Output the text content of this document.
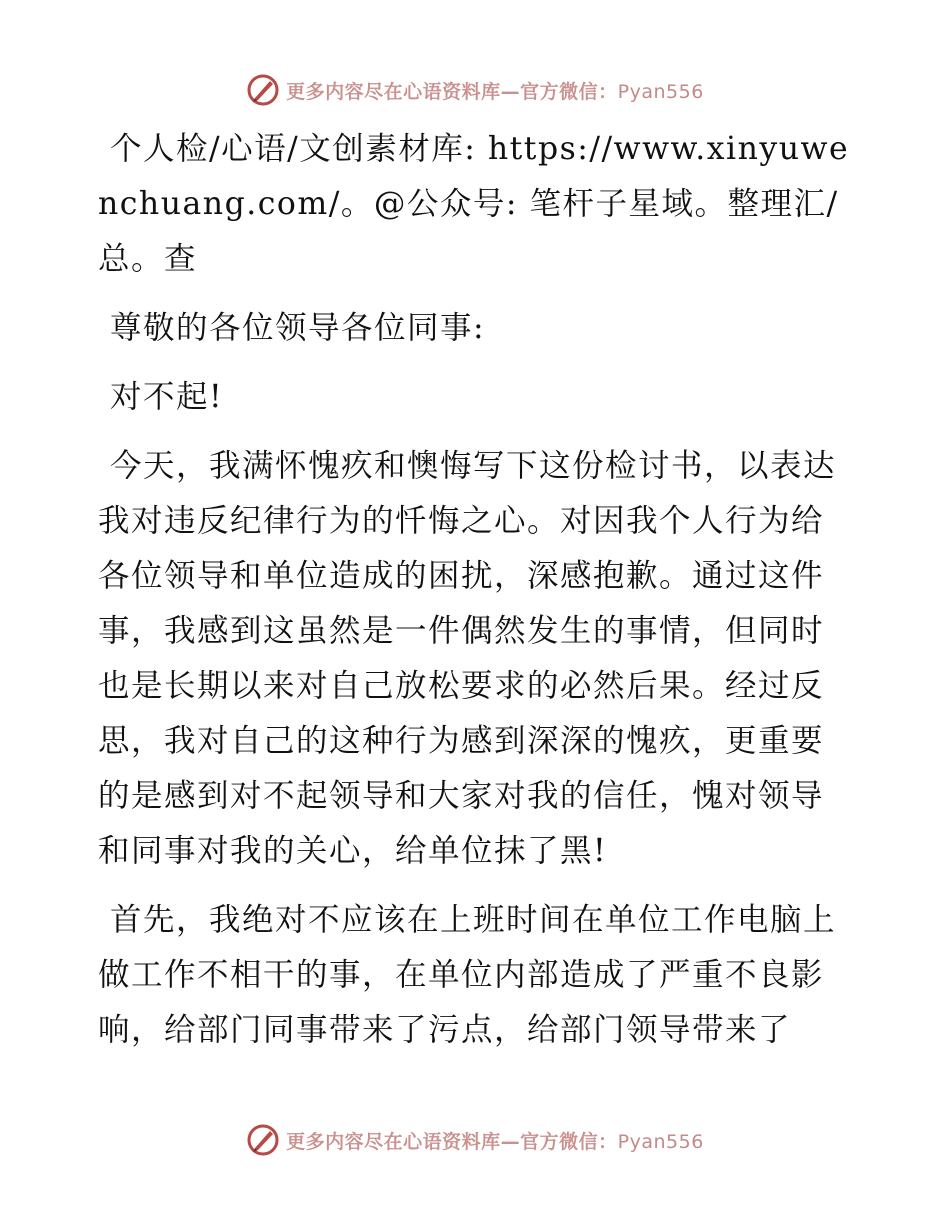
更多内容尽在心语资料库—官方微信：Pyan556

个人检/心语/文创素材库: https://www.xinyuwenchuang.com/。@公众号: 笔杆子星域。整理汇/总。查

尊敬的各位领导各位同事:

对不起!

今天，我满怀愧疚和懊悔写下这份检讨书，以表达我对违反纪律行为的忏悔之心。对因我个人行为给各位领导和单位造成的困扰，深感抱歉。通过这件事，我感到这虽然是一件偶然发生的事情，但同时也是长期以来对自己放松要求的必然后果。经过反思，我对自己的这种行为感到深深的愧疚，更重要的是感到对不起领导和大家对我的信任，愧对领导和同事对我的关心，给单位抹了黑!

首先，我绝对不应该在上班时间在单位工作电脑上做工作不相干的事，在单位内部造成了严重不良影响，给部门同事带来了污点，给部门领导带来了

更多内容尽在心语资料库—官方微信：Pyan556
